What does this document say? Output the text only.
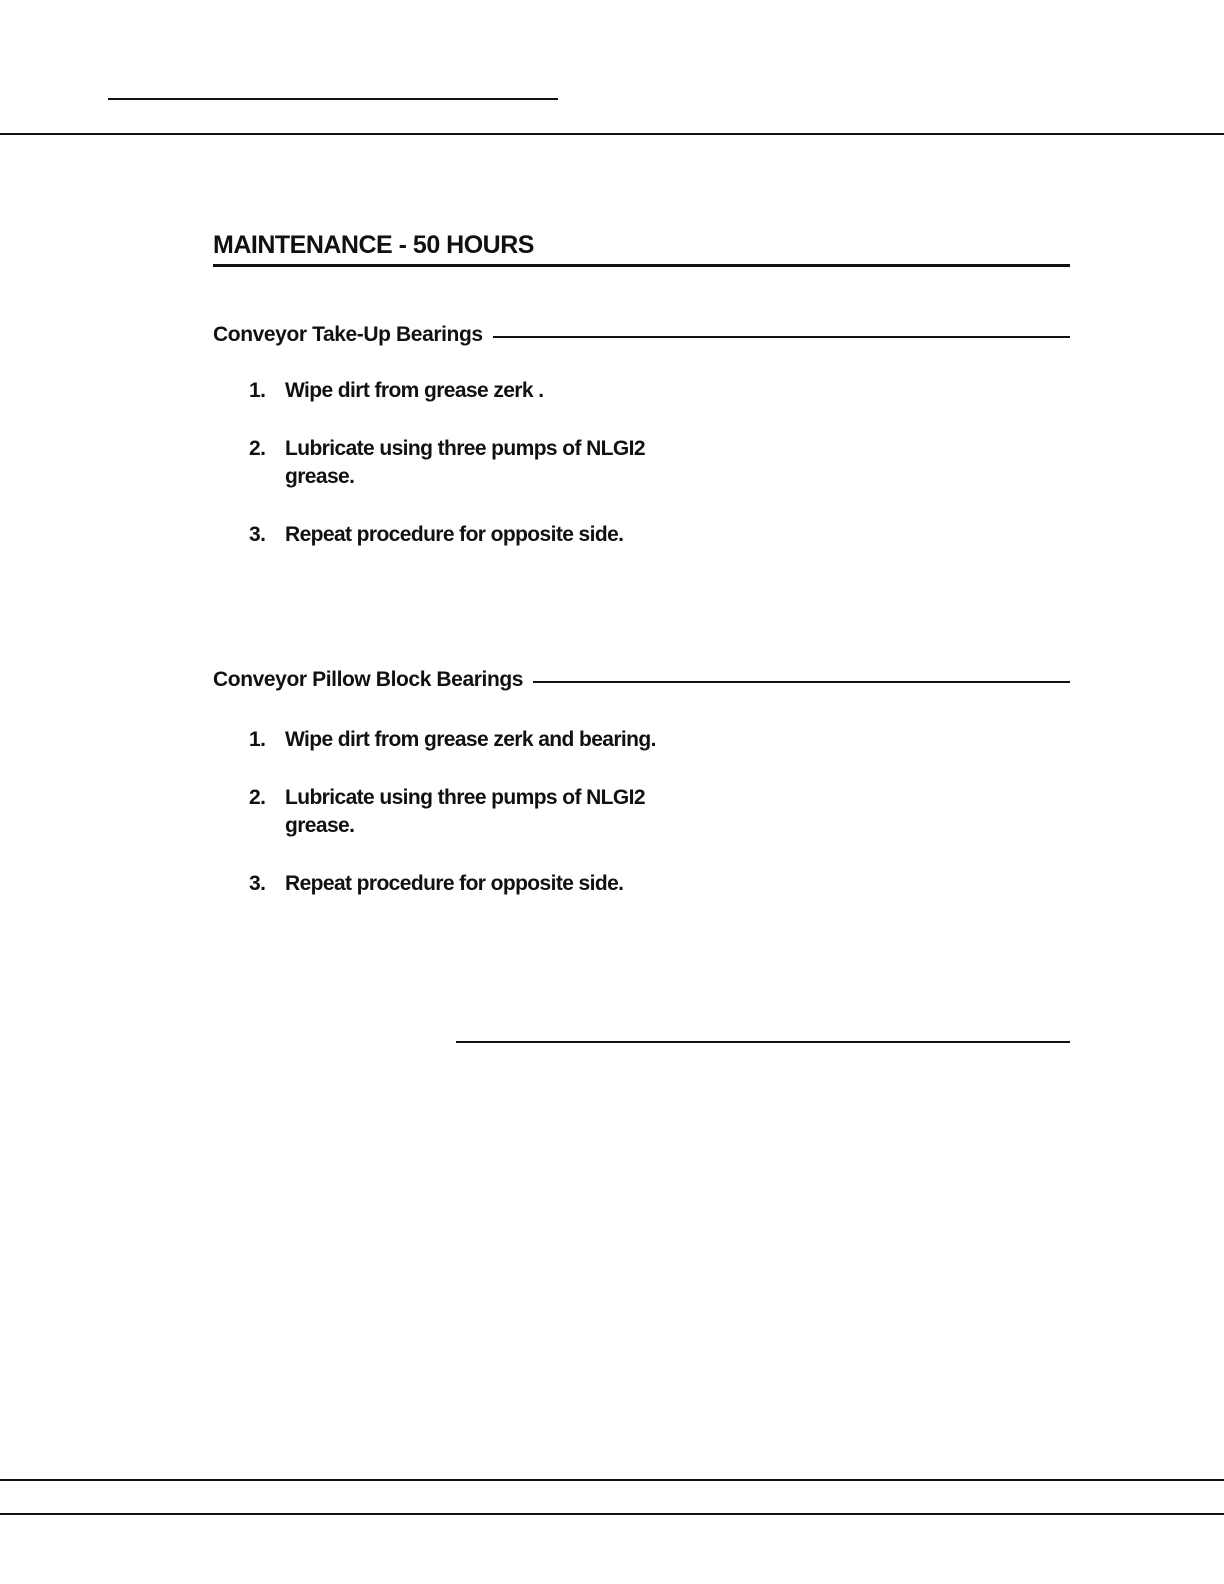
MAINTENANCE - 50 HOURS
Conveyor Take-Up Bearings
1. Wipe dirt from grease zerk .
2. Lubricate using three pumps of NLGI2 grease.
3. Repeat procedure for opposite side.
Conveyor Pillow Block Bearings
1. Wipe dirt from grease zerk and bearing.
2. Lubricate using three pumps of NLGI2 grease.
3. Repeat procedure for opposite side.
